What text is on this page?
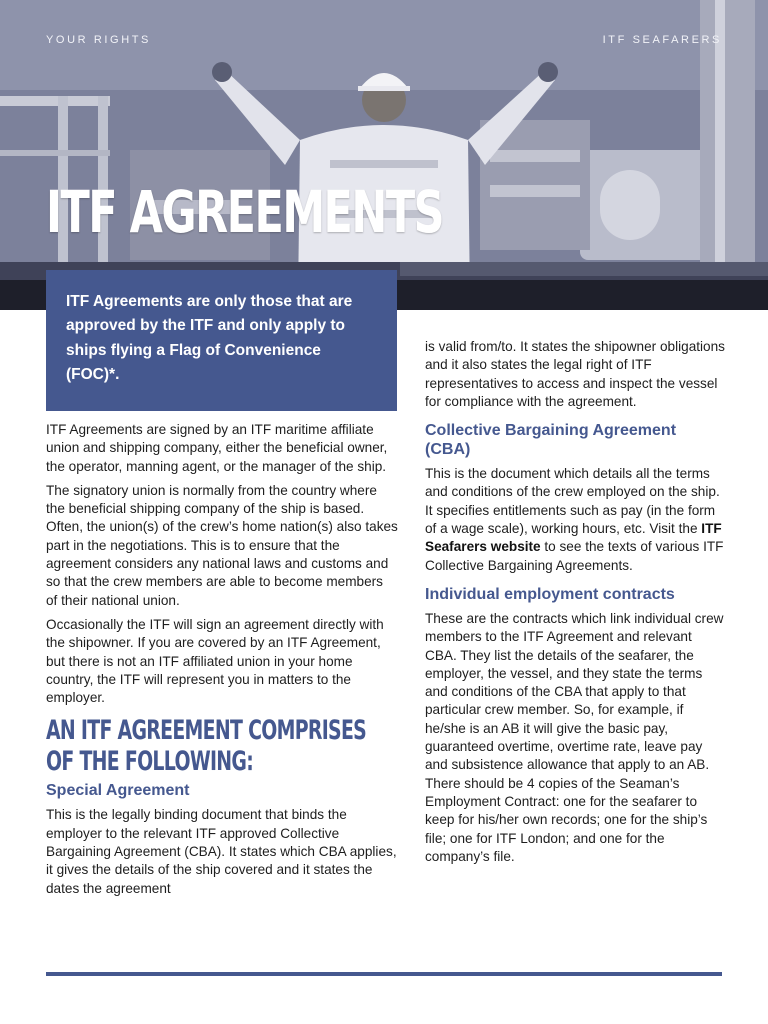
YOUR RIGHTS	ITF SEAFARERS
ITF AGREEMENTS

ITF Agreements are only those that are approved by the ITF and only apply to ships flying a Flag of Convenience (FOC)*.

ITF Agreements are signed by an ITF maritime affiliate union and shipping company, either the beneficial owner, the operator, manning agent, or the manager of the ship.

The signatory union is normally from the country where the beneficial shipping company of the ship is based. Often, the union(s) of the crew’s home nation(s) also takes part in the negotiations. This is to ensure that the agreement considers any national laws and customs and so that the crew members are able to become members of their national union.

Occasionally the ITF will sign an agreement directly with the shipowner. If you are covered by an ITF Agreement, but there is not an ITF affiliated union in your home country, the ITF will represent you in matters to the employer.

AN ITF AGREEMENT COMPRISES OF THE FOLLOWING:
Special Agreement

This is the legally binding document that binds the employer to the relevant ITF approved Collective Bargaining Agreement (CBA). It states which CBA applies, it gives the details of the ship covered and it states the dates the agreement

is valid from/to. It states the shipowner obligations and it also states the legal right of ITF representatives to access and inspect the vessel for compliance with the agreement.

Collective Bargaining Agreement (CBA)

This is the document which details all the terms and conditions of the crew employed on the ship. It specifies entitlements such as pay (in the form of a wage scale), working hours, etc. Visit the ITF Seafarers website to see the texts of various ITF Collective Bargaining Agreements.

Individual employment contracts

These are the contracts which link individual crew members to the ITF Agreement and relevant CBA. They list the details of the seafarer, the employer, the vessel, and they state the terms and conditions of the CBA that apply to that particular crew member. So, for example, if he/she is an AB it will give the basic pay, guaranteed overtime, overtime rate, leave pay and subsistence allowance that apply to an AB. There should be 4 copies of the Seaman’s Employment Contract: one for the seafarer to keep for his/her own records; one for the ship’s file; one for ITF London; and one for the company’s file.
